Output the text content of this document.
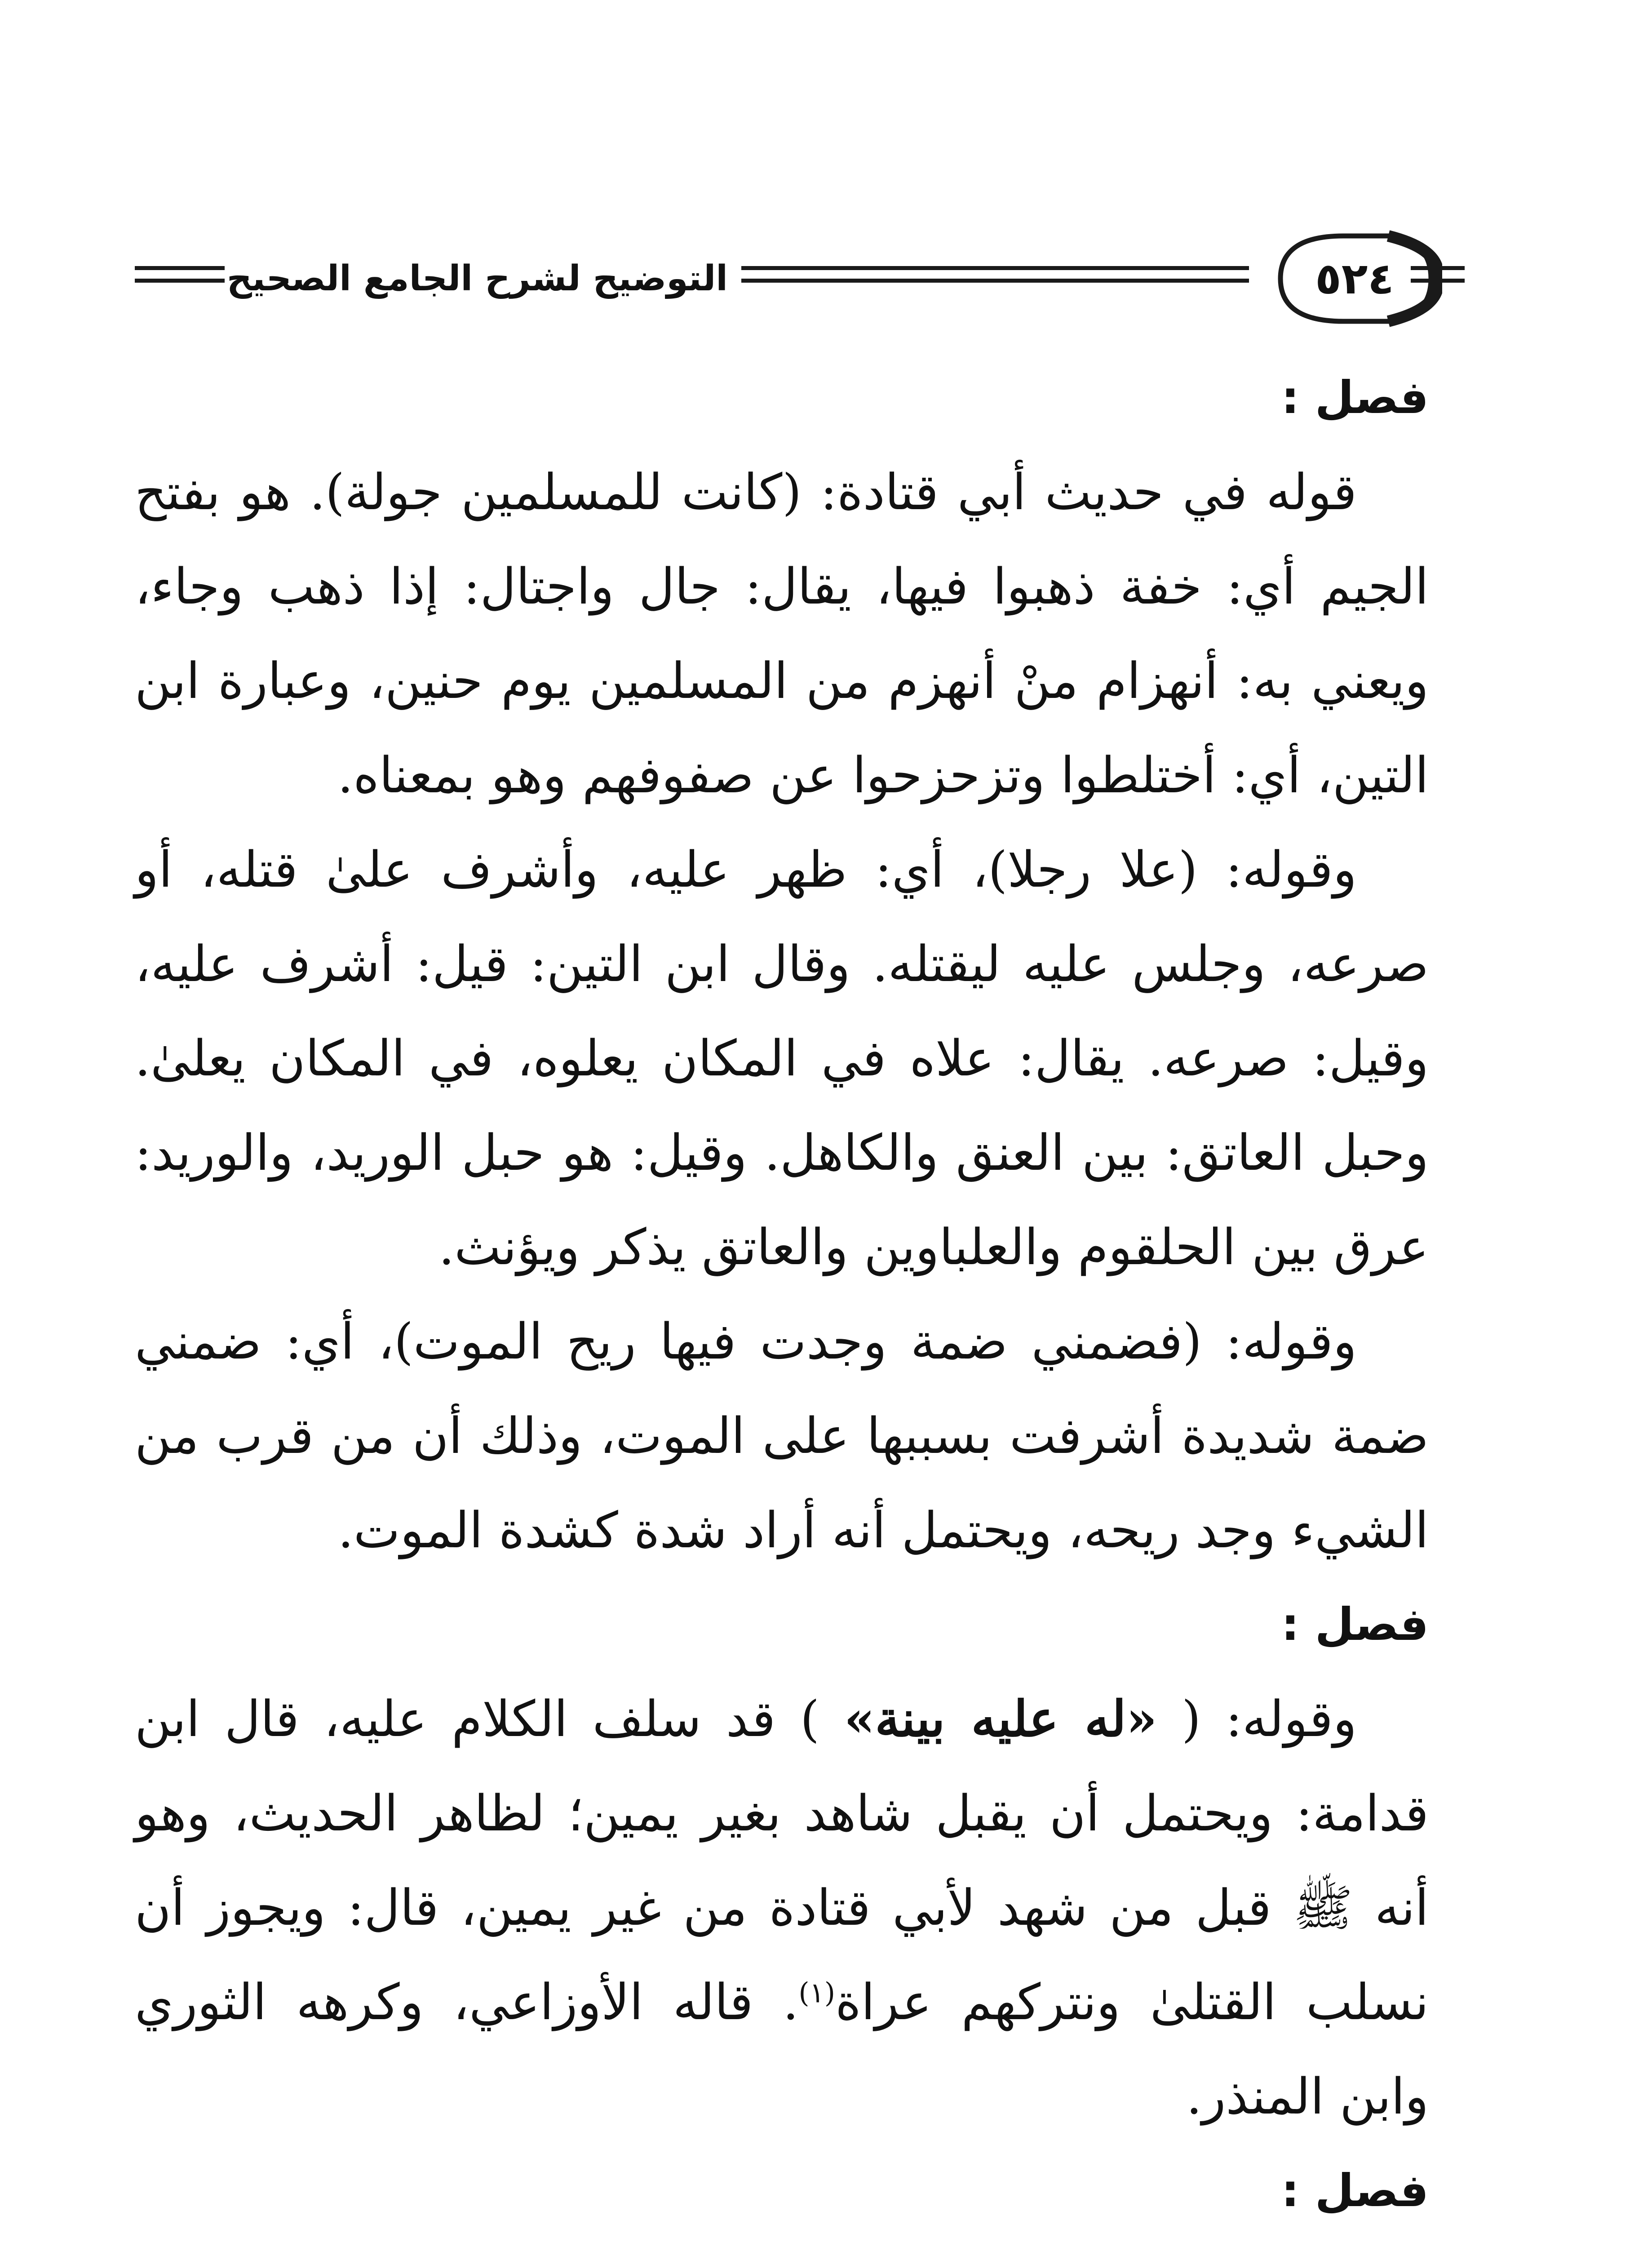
التوضيح لشرح الجامع الصحيح	٥٢٤

فصل :

قوله في حديث أبي قتادة: (كانت للمسلمين جولة). هو بفتح الجيم أي: خفة ذهبوا فيها، يقال: جال واجتال: إذا ذهب وجاء، ويعني به: أنهزام منْ أنهزم من المسلمين يوم حنين، وعبارة ابن التين، أي: أختلطوا وتزحزحوا عن صفوفهم وهو بمعناه.

وقوله: (علا رجلا)، أي: ظهر عليه، وأشرف علىٰ قتله، أو صرعه، وجلس عليه ليقتله. وقال ابن التين: قيل: أشرف عليه، وقيل: صرعه. يقال: علاه في المكان يعلوه، في المكان يعلىٰ. وحبل العاتق: بين العنق والكاهل. وقيل: هو حبل الوريد، والوريد: عرق بين الحلقوم والعلباوين والعاتق يذكر ويؤنث.

وقوله: (فضمني ضمة وجدت فيها ريح الموت)، أي: ضمني ضمة شديدة أشرفت بسببها على الموت، وذلك أن من قرب من الشيء وجد ريحه، ويحتمل أنه أراد شدة كشدة الموت.

فصل :

وقوله: ( «له عليه بينة» ) قد سلف الكلام عليه، قال ابن قدامة: ويحتمل أن يقبل شاهد بغير يمين؛ لظاهر الحديث، وهو أنه ﷺ قبل من شهد لأبي قتادة من غير يمين، قال: ويجوز أن نسلب القتلىٰ ونتركهم عراة$^{(١)}$. قاله الأوزاعي، وكرهه الثوري وابن المنذر.

فصل :
